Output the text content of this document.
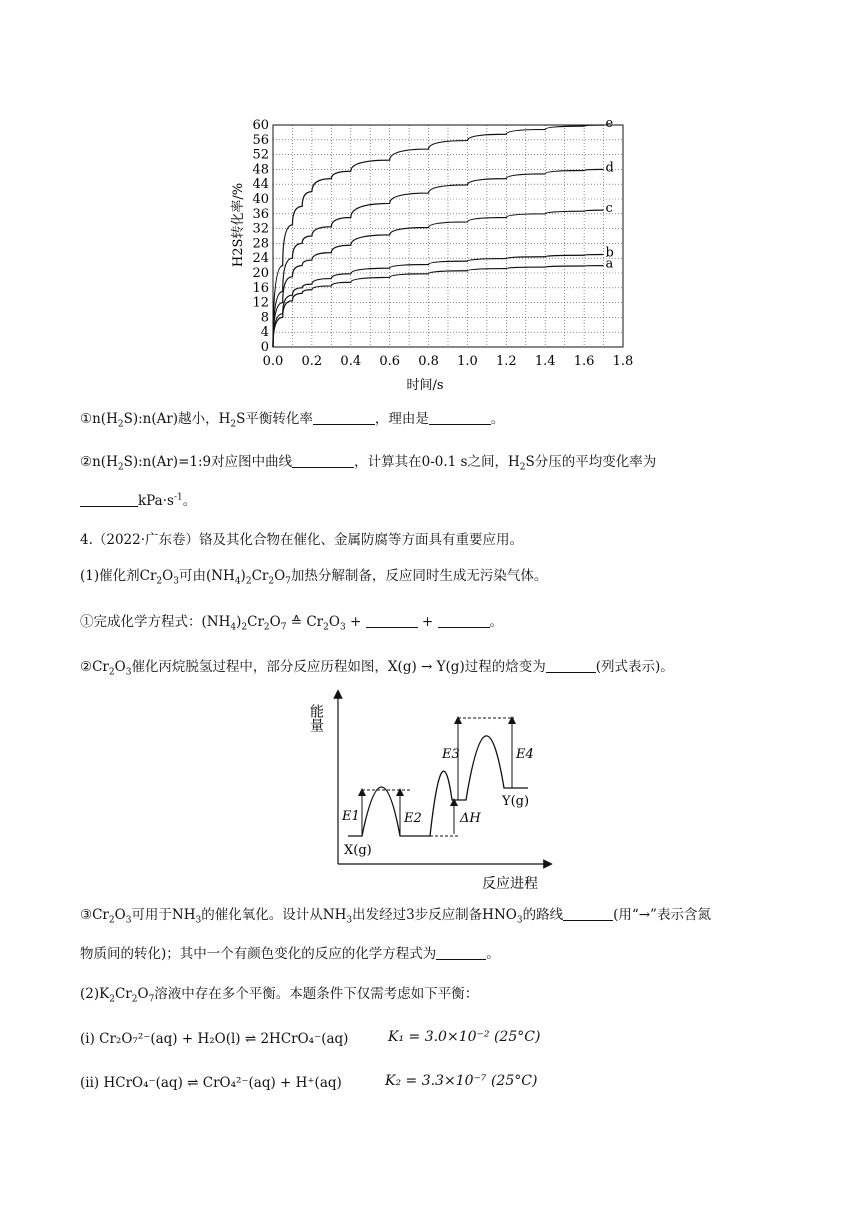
0.0 0.2 0.4 0.6 0.8 1.0 1.2 1.4 1.6 1.8
0
4
8
12
16
20
24
28
32
36
40
44
48
52
56
60
a
b
c
d
e
H2S转化率/%
时间/s
$①n(H_2S):n(Ar)$越小，$H_2S$平衡转化率	，理由是	。
$②n(H_2S):n(Ar)=1:9$对应图中曲线	，计算其在0-0.1 s之间，$H_2S$分压的平均变化率为
$kPa\cdot s^{-1}$。
4.（2022·广东卷）铬及其化合物在催化、金属防腐等方面具有重要应用。
(1)催化剂$Cr_2O_3$可由$(NH_4)_2Cr_2O_7$加热分解制备，反应同时生成无污染气体。
①完成化学方程式：$(NH_4)_2Cr_2O_7$ ≙ $Cr_2O_3$ +	+	。
$②Cr_2O_3$催化丙烷脱氢过程中，部分反应历程如图，X(g) → Y(g)过程的焓变为	(列式表示)。
能量
反应进程
E1	E2
E3	E4
ΔH
X(g)
Y(g)
$③Cr_2O_3$可用于$NH_3$的催化氧化。设计从$NH_3$出发经过3步反应制备$HNO_3$的路线	(用“→”表示含氮
物质间的转化)；其中一个有颜色变化的反应的化学方程式为	。
$(2)K_2Cr_2O_7$溶液中存在多个平衡。本题条件下仅需考虑如下平衡：
(ⅰ) Cr₂O₇²⁻(aq) + H₂O(l) ⇌ 2HCrO₄⁻(aq)	K₁ = 3.0×10⁻² (25°C)
(ⅱ) HCrO₄⁻(aq) ⇌ CrO₄²⁻(aq) + H⁺(aq)	K₂ = 3.3×10⁻⁷ (25°C)
